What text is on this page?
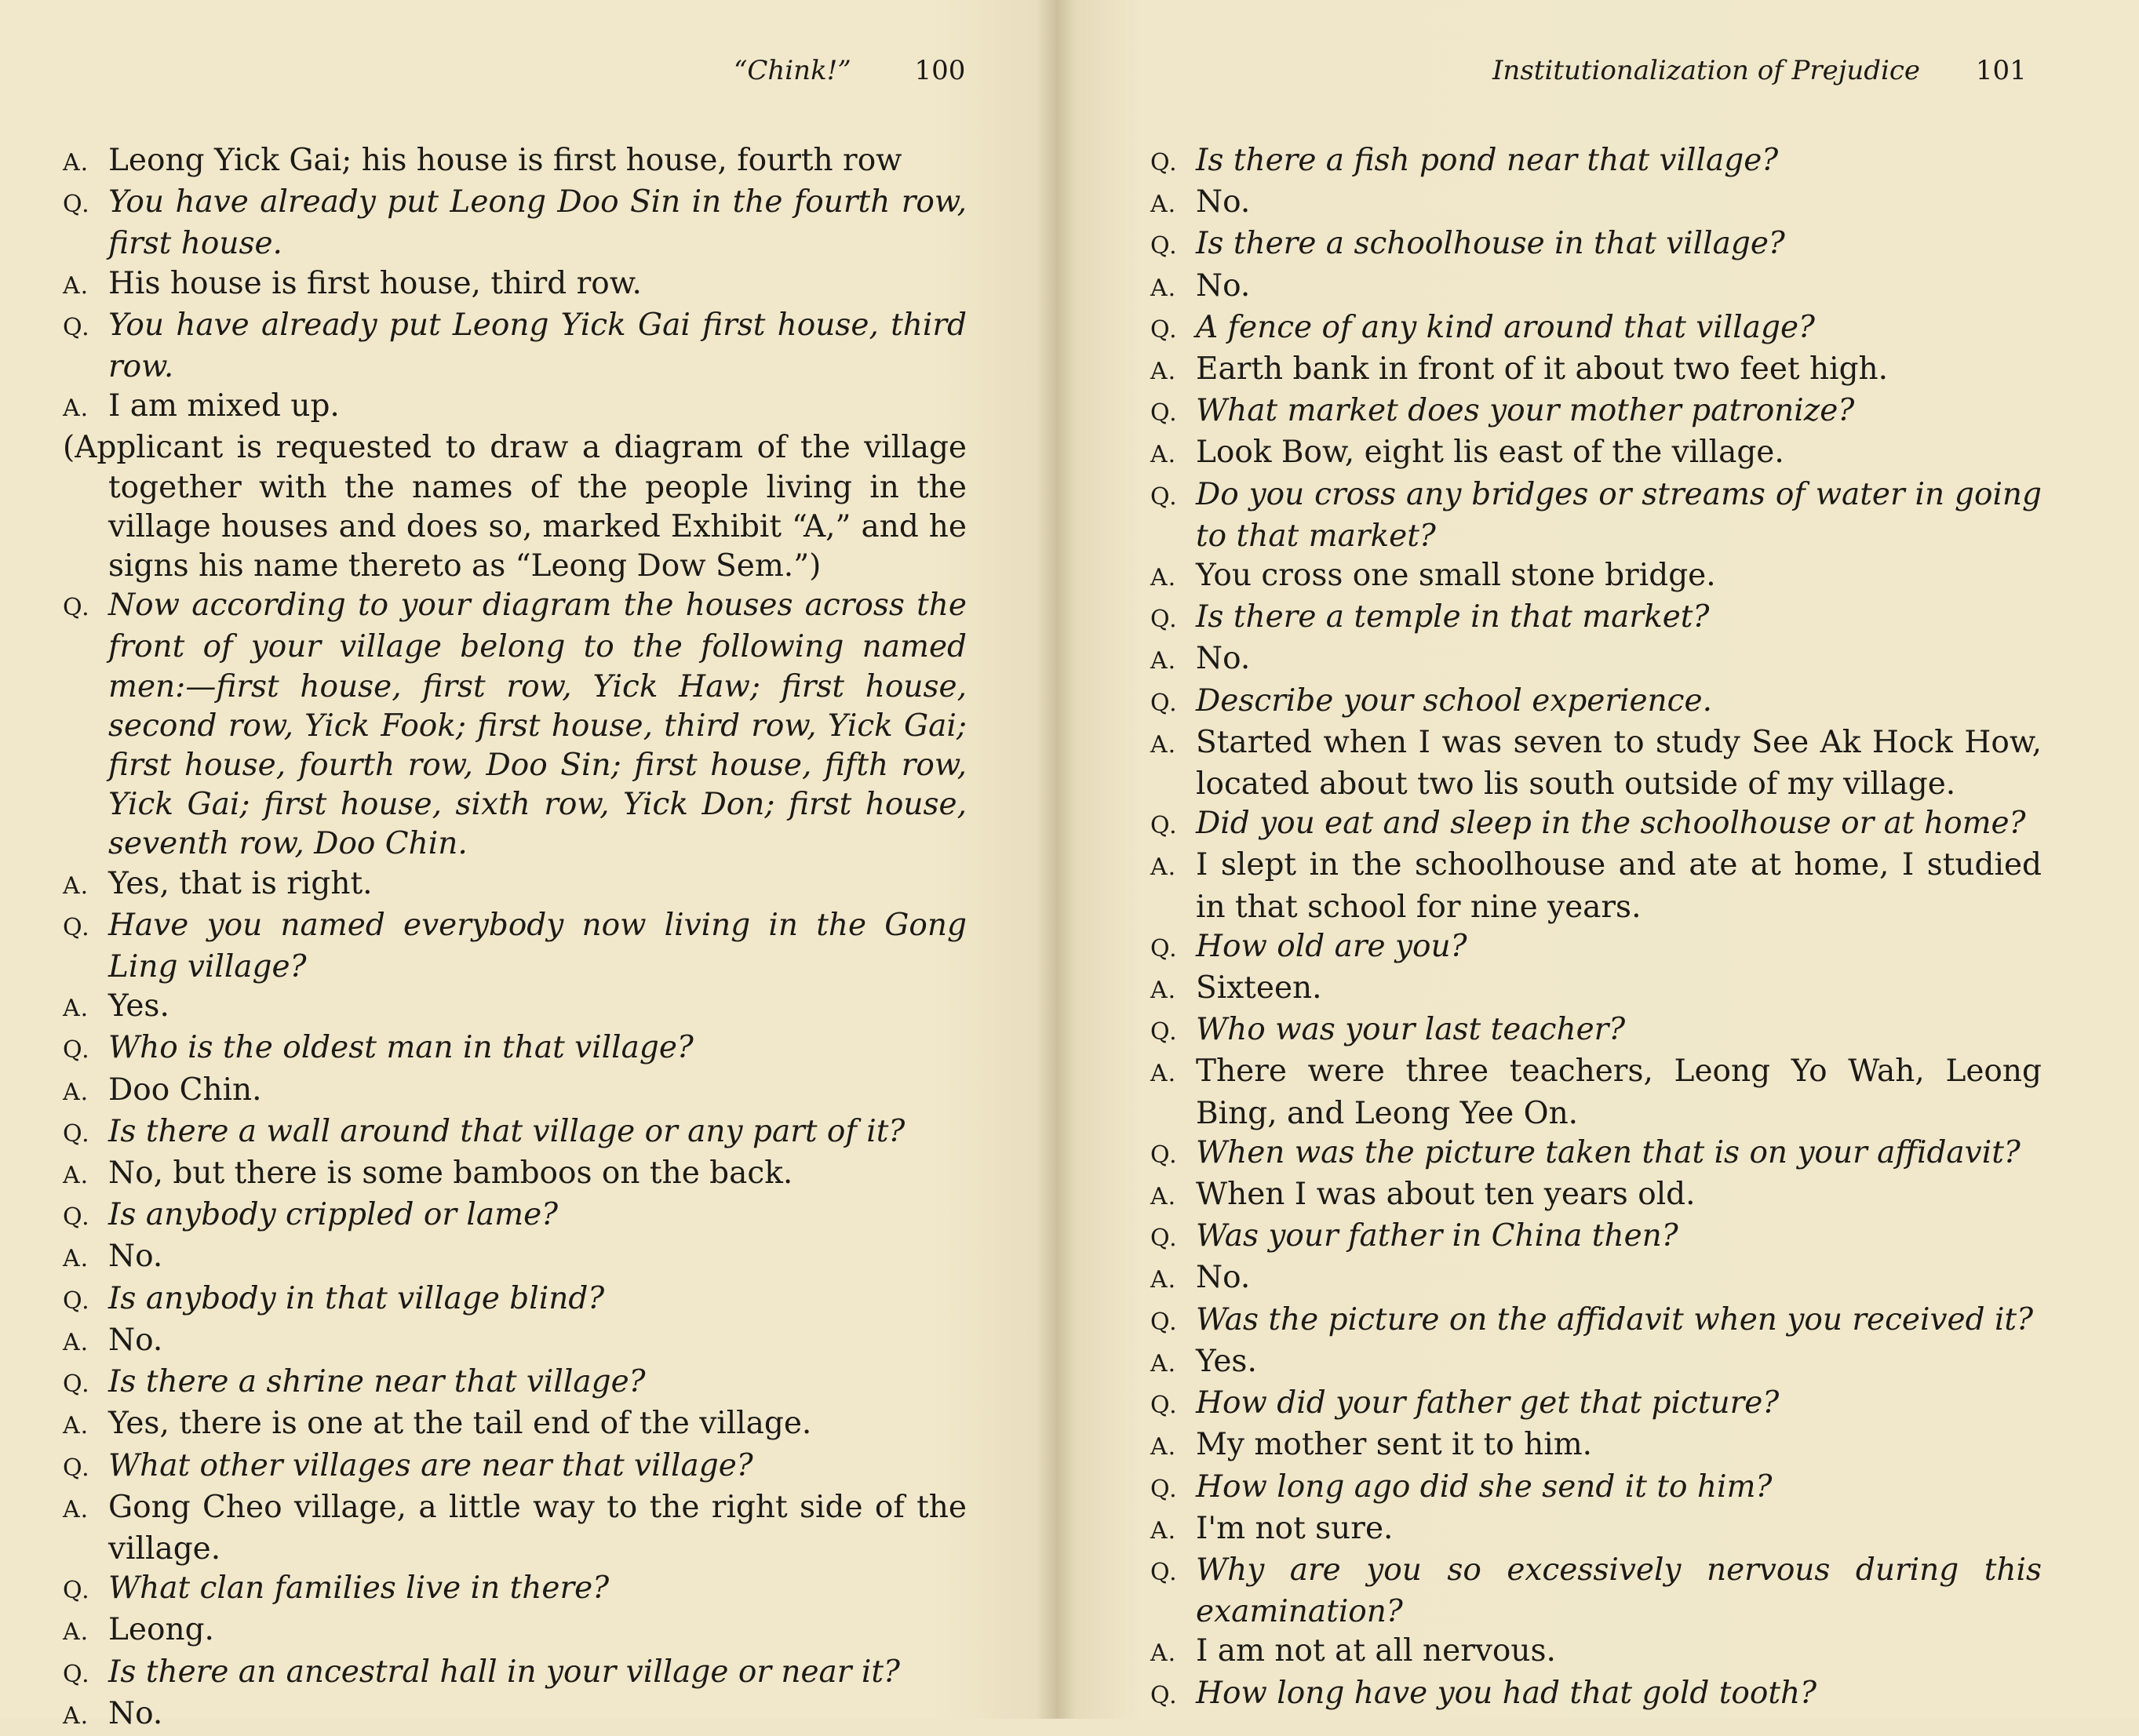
“Chink!” 100

A. Leong Yick Gai; his house is first house, fourth row

Q. You have already put Leong Doo Sin in the fourth row, first house.

A. His house is first house, third row.

Q. You have already put Leong Yick Gai first house, third row.

A. I am mixed up.

(Applicant is requested to draw a diagram of the village together with the names of the people living in the village houses and does so, marked Exhibit “A,” and he signs his name thereto as “Leong Dow Sem.”)

Q. Now according to your diagram the houses across the front of your village belong to the following named men:—first house, first row, Yick Haw; first house, second row, Yick Fook; first house, third row, Yick Gai; first house, fourth row, Doo Sin; first house, fifth row, Yick Gai; first house, sixth row, Yick Don; first house, seventh row, Doo Chin.

A. Yes, that is right.

Q. Have you named everybody now living in the Gong Ling village?

A. Yes.

Q. Who is the oldest man in that village?

A. Doo Chin.

Q. Is there a wall around that village or any part of it?

A. No, but there is some bamboos on the back.

Q. Is anybody crippled or lame?

A. No.

Q. Is anybody in that village blind?

A. No.

Q. Is there a shrine near that village?

A. Yes, there is one at the tail end of the village.

Q. What other villages are near that village?

A. Gong Cheo village, a little way to the right side of the village.

Q. What clan families live in there?

A. Leong.

Q. Is there an ancestral hall in your village or near it?

A. No.

Institutionalization of Prejudice 101

Q. Is there a fish pond near that village?

A. No.

Q. Is there a schoolhouse in that village?

A. No.

Q. A fence of any kind around that village?

A. Earth bank in front of it about two feet high.

Q. What market does your mother patronize?

A. Look Bow, eight lis east of the village.

Q. Do you cross any bridges or streams of water in going to that market?

A. You cross one small stone bridge.

Q. Is there a temple in that market?

A. No.

Q. Describe your school experience.

A. Started when I was seven to study See Ak Hock How, located about two lis south outside of my village.

Q. Did you eat and sleep in the schoolhouse or at home?

A. I slept in the schoolhouse and ate at home, I studied in that school for nine years.

Q. How old are you?

A. Sixteen.

Q. Who was your last teacher?

A. There were three teachers, Leong Yo Wah, Leong Bing, and Leong Yee On.

Q. When was the picture taken that is on your affidavit?

A. When I was about ten years old.

Q. Was your father in China then?

A. No.

Q. Was the picture on the affidavit when you received it?

A. Yes.

Q. How did your father get that picture?

A. My mother sent it to him.

Q. How long ago did she send it to him?

A. I'm not sure.

Q. Why are you so excessively nervous during this examination?

A. I am not at all nervous.

Q. How long have you had that gold tooth?
